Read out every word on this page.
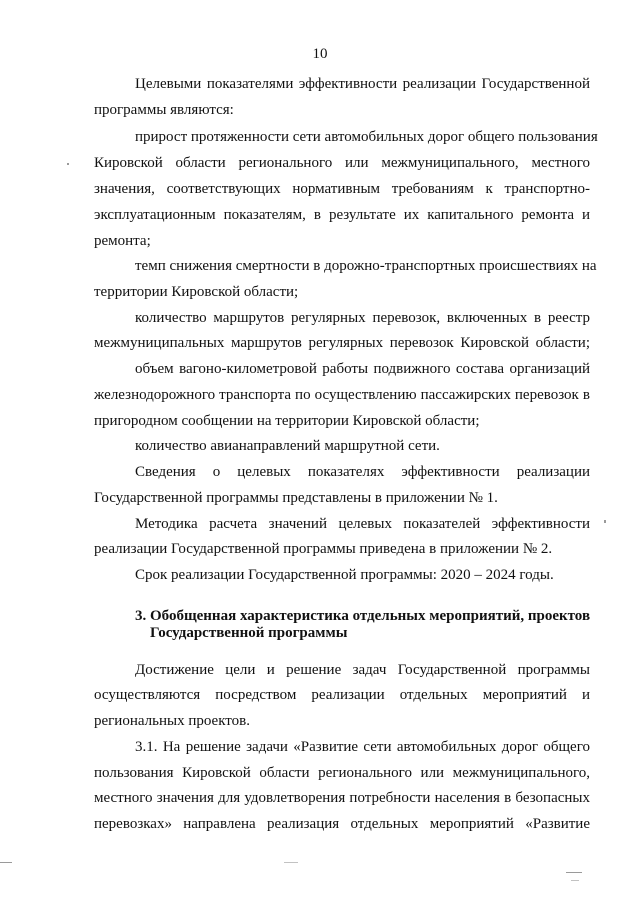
10
Целевыми показателями эффективности реализации Государственной
программы являются:
прирост протяженности сети автомобильных дорог общего пользования
Кировской области регионального или межмуниципального, местного
значения, соответствующих нормативным требованиям к транспортно-
эксплуатационным показателям, в результате их капитального ремонта и
ремонта;
темп снижения смертности в дорожно-транспортных происшествиях на
территории Кировской области;
количество маршрутов регулярных перевозок, включенных в реестр
межмуниципальных маршрутов регулярных перевозок Кировской области;
объем вагоно-километровой работы подвижного состава организаций
железнодорожного транспорта по осуществлению пассажирских перевозок в
пригородном сообщении на территории Кировской области;
количество авианаправлений маршрутной сети.
Сведения о целевых показателях эффективности реализации
Государственной программы представлены в приложении № 1.
Методика расчета значений целевых показателей эффективности
реализации Государственной программы приведена в приложении № 2.
Срок реализации Государственной программы: 2020 – 2024 годы.
3. Обобщенная характеристика отдельных мероприятий, проектов
Государственной программы
Достижение цели и решение задач Государственной программы
осуществляются посредством реализации отдельных мероприятий и
региональных проектов.
3.1. На решение задачи «Развитие сети автомобильных дорог общего
пользования Кировской области регионального или межмуниципального,
местного значения для удовлетворения потребности населения в безопасных
перевозках» направлена реализация отдельных мероприятий «Развитие
